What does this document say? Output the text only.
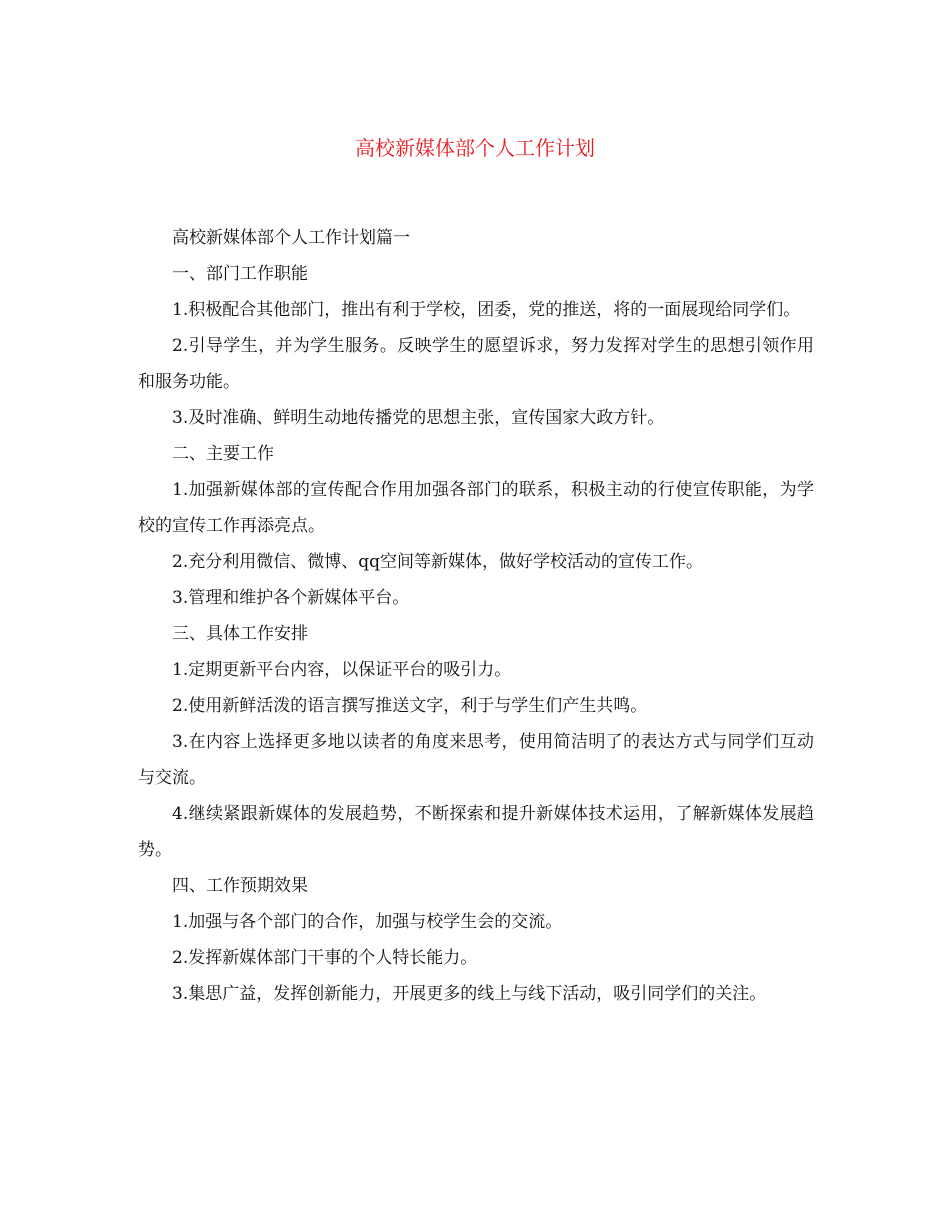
高校新媒体部个人工作计划

高校新媒体部个人工作计划篇一

一、部门工作职能

1.积极配合其他部门，推出有利于学校，团委，党的推送，将的一面展现给同学们。

2.引导学生，并为学生服务。反映学生的愿望诉求，努力发挥对学生的思想引领作用和服务功能。

3.及时准确、鲜明生动地传播党的思想主张，宣传国家大政方针。

二、主要工作

1.加强新媒体部的宣传配合作用加强各部门的联系，积极主动的行使宣传职能，为学校的宣传工作再添亮点。

2.充分利用微信、微博、qq空间等新媒体，做好学校活动的宣传工作。

3.管理和维护各个新媒体平台。

三、具体工作安排

1.定期更新平台内容，以保证平台的吸引力。

2.使用新鲜活泼的语言撰写推送文字，利于与学生们产生共鸣。

3.在内容上选择更多地以读者的角度来思考，使用简洁明了的表达方式与同学们互动与交流。

4.继续紧跟新媒体的发展趋势，不断探索和提升新媒体技术运用，了解新媒体发展趋势。

四、工作预期效果

1.加强与各个部门的合作，加强与校学生会的交流。

2.发挥新媒体部门干事的个人特长能力。

3.集思广益，发挥创新能力，开展更多的线上与线下活动，吸引同学们的关注。
